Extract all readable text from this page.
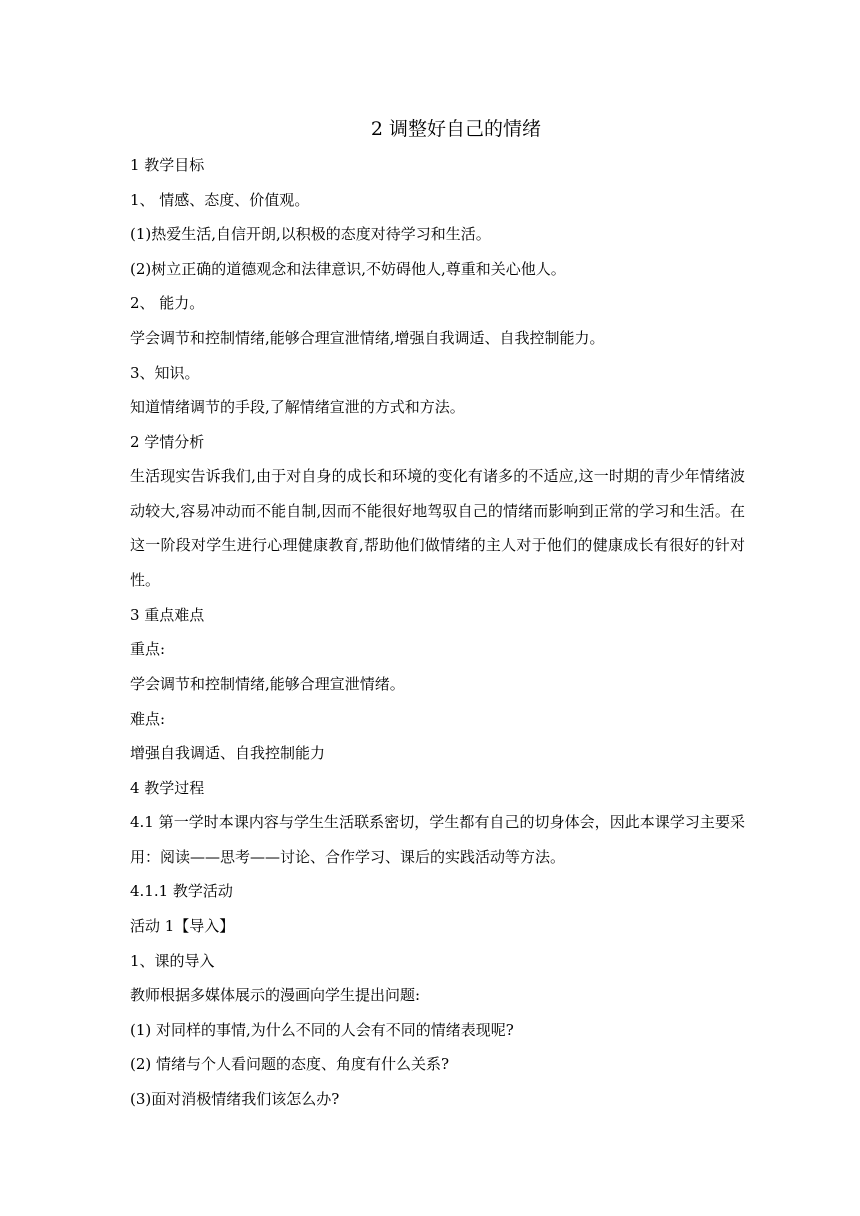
2 调整好自己的情绪
1 教学目标
1、 情感、态度、价值观。
(1)热爱生活,自信开朗,以积极的态度对待学习和生活。
(2)树立正确的道德观念和法律意识,不妨碍他人,尊重和关心他人。
2、 能力。
学会调节和控制情绪,能够合理宣泄情绪,增强自我调适、自我控制能力。
3、知识。
知道情绪调节的手段,了解情绪宣泄的方式和方法。
2 学情分析
生活现实告诉我们,由于对自身的成长和环境的变化有诸多的不适应,这一时期的青少年情绪波动较大,容易冲动而不能自制,因而不能很好地驾驭自己的情绪而影响到正常的学习和生活。在这一阶段对学生进行心理健康教育,帮助他们做情绪的主人对于他们的健康成长有很好的针对性。
3 重点难点
重点:
学会调节和控制情绪,能够合理宣泄情绪。
难点:
增强自我调适、自我控制能力
4 教学过程
4.1 第一学时本课内容与学生生活联系密切，学生都有自己的切身体会，因此本课学习主要采用：阅读——思考——讨论、合作学习、课后的实践活动等方法。
4.1.1 教学活动
活动 1【导入】
1、课的导入
教师根据多媒体展示的漫画向学生提出问题:
(1) 对同样的事情,为什么不同的人会有不同的情绪表现呢?
(2) 情绪与个人看问题的态度、角度有什么关系?
(3)面对消极情绪我们该怎么办?
